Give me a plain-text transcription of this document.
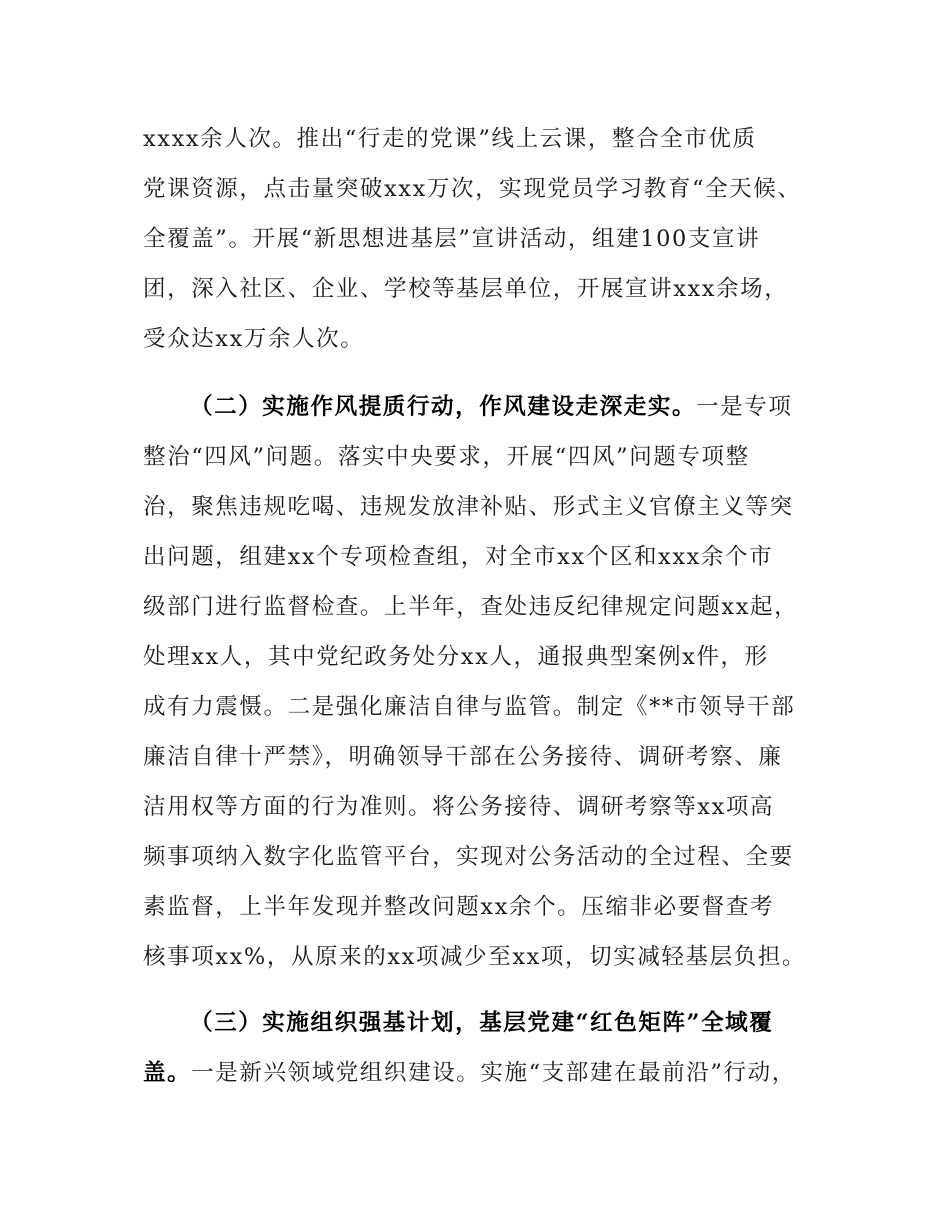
xxxx余人次。推出“行走的党课”线上云课，整合全市优质
党课资源，点击量突破xxx万次，实现党员学习教育“全天候、
全覆盖”。开展“新思想进基层”宣讲活动，组建100支宣讲
团，深入社区、企业、学校等基层单位，开展宣讲xxx余场，
受众达xx万余人次。
（二）实施作风提质行动，作风建设走深走实。一是专项
整治“四风”问题。落实中央要求，开展“四风”问题专项整
治，聚焦违规吃喝、违规发放津补贴、形式主义官僚主义等突
出问题，组建xx个专项检查组，对全市xx个区和xxx余个市
级部门进行监督检查。上半年，查处违反纪律规定问题xx起，
处理xx人，其中党纪政务处分xx人，通报典型案例x件，形
成有力震慑。二是强化廉洁自律与监管。制定《**市领导干部
廉洁自律十严禁》，明确领导干部在公务接待、调研考察、廉
洁用权等方面的行为准则。将公务接待、调研考察等xx项高
频事项纳入数字化监管平台，实现对公务活动的全过程、全要
素监督，上半年发现并整改问题xx余个。压缩非必要督查考
核事项xx%，从原来的xx项减少至xx项，切实减轻基层负担。
（三）实施组织强基计划，基层党建“红色矩阵”全域覆
盖。一是新兴领域党组织建设。实施“支部建在最前沿”行动，
